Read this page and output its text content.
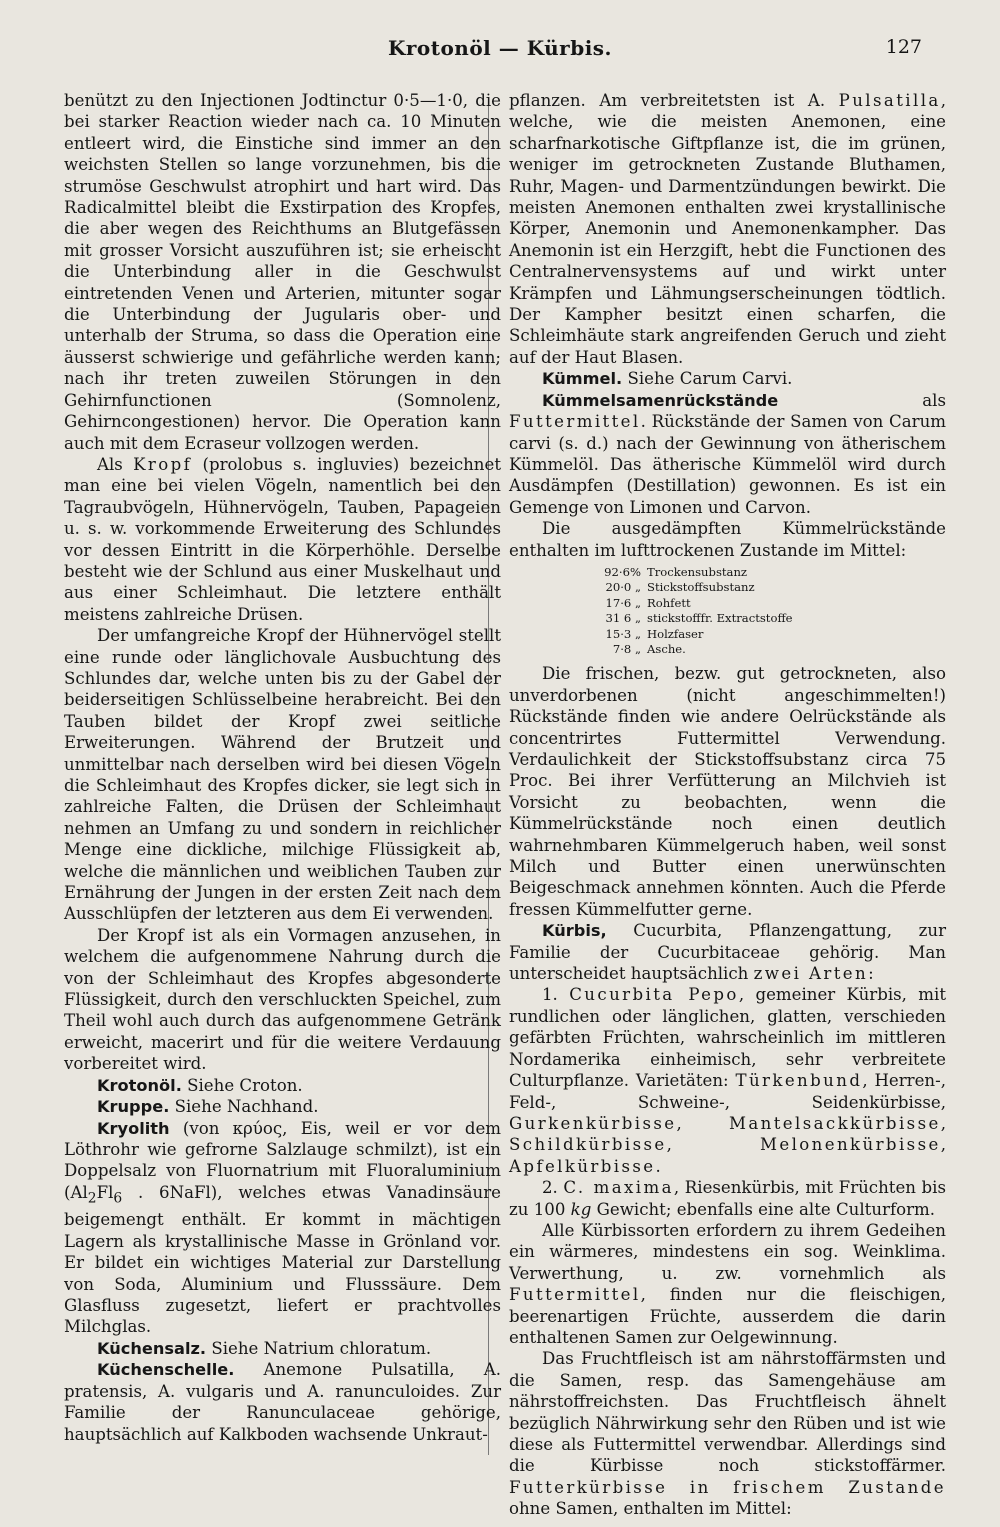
Krotonöl — Kürbis.	127

benützt zu den Injectionen Jodtinctur 0·5—1·0, die bei starker Reaction wieder nach ca. 10 Minuten entleert wird, die Einstiche sind immer an den weichsten Stellen so lange vorzunehmen, bis die strumöse Geschwulst atrophirt und hart wird. Das Radicalmittel bleibt die Exstirpation des Kropfes, die aber wegen des Reichthums an Blutgefässen mit grosser Vorsicht auszuführen ist; sie erheischt die Unterbindung aller in die Geschwulst eintretenden Venen und Arterien, mitunter sogar die Unterbindung der Jugularis ober- und unterhalb der Struma, so dass die Operation eine äusserst schwierige und gefährliche werden kann; nach ihr treten zuweilen Störungen in den Gehirnfunctionen (Somnolenz, Gehirncongestionen) hervor. Die Operation kann auch mit dem Ecraseur vollzogen werden.

Als Kropf (prolobus s. ingluvies) bezeichnet man eine bei vielen Vögeln, namentlich bei den Tagraubvögeln, Hühnervögeln, Tauben, Papageien u. s. w. vorkommende Erweiterung des Schlundes vor dessen Eintritt in die Körperhöhle. Derselbe besteht wie der Schlund aus einer Muskelhaut und aus einer Schleimhaut. Die letztere enthält meistens zahlreiche Drüsen.

Der umfangreiche Kropf der Hühnervögel stellt eine runde oder länglichovale Ausbuchtung des Schlundes dar, welche unten bis zu der Gabel der beiderseitigen Schlüsselbeine herabreicht. Bei den Tauben bildet der Kropf zwei seitliche Erweiterungen. Während der Brutzeit und unmittelbar nach derselben wird bei diesen Vögeln die Schleimhaut des Kropfes dicker, sie legt sich in zahlreiche Falten, die Drüsen der Schleimhaut nehmen an Umfang zu und sondern in reichlicher Menge eine dickliche, milchige Flüssigkeit ab, welche die männlichen und weiblichen Tauben zur Ernährung der Jungen in der ersten Zeit nach dem Ausschlüpfen der letzteren aus dem Ei verwenden.

Der Kropf ist als ein Vormagen anzusehen, in welchem die aufgenommene Nahrung durch die von der Schleimhaut des Kropfes abgesonderte Flüssigkeit, durch den verschluckten Speichel, zum Theil wohl auch durch das aufgenommene Getränk erweicht, macerirt und für die weitere Verdauung vorbereitet wird.

Krotonöl. Siehe Croton.

Kruppe. Siehe Nachhand.

Kryolith (von κρύος, Eis, weil er vor dem Löthrohr wie gefrorne Salzlauge schmilzt), ist ein Doppelsalz von Fluornatrium mit Fluoraluminium ($Al_2Fl_6$ . 6NaFl), welches etwas Vanadinsäure beigemengt enthält. Er kommt in mächtigen Lagern als krystallinische Masse in Grönland vor. Er bildet ein wichtiges Material zur Darstellung von Soda, Aluminium und Flusssäure. Dem Glasfluss zugesetzt, liefert er prachtvolles Milchglas.

Küchensalz. Siehe Natrium chloratum.

Küchenschelle. Anemone Pulsatilla, A. pratensis, A. vulgaris und A. ranunculoides. Zur Familie der Ranunculaceae gehörige, hauptsächlich auf Kalkboden wachsende Unkraut-

pflanzen. Am verbreitetsten ist A. Pulsatilla, welche, wie die meisten Anemonen, eine scharfnarkotische Giftpflanze ist, die im grünen, weniger im getrockneten Zustande Bluthamen, Ruhr, Magen- und Darmentzündungen bewirkt. Die meisten Anemonen enthalten zwei krystallinische Körper, Anemonin und Anemonenkampher. Das Anemonin ist ein Herzgift, hebt die Functionen des Centralnervensystems auf und wirkt unter Krämpfen und Lähmungserscheinungen tödtlich. Der Kampher besitzt einen scharfen, die Schleimhäute stark angreifenden Geruch und zieht auf der Haut Blasen.

Kümmel. Siehe Carum Carvi.

Kümmelsamenrückstände als Futtermittel. Rückstände der Samen von Carum carvi (s. d.) nach der Gewinnung von ätherischem Kümmelöl. Das ätherische Kümmelöl wird durch Ausdämpfen (Destillation) gewonnen. Es ist ein Gemenge von Limonen und Carvon.

Die ausgedämpften Kümmelrückstände enthalten im lufttrockenen Zustande im Mittel:

92·6% Trockensubstanz
20·0 „ Stickstoffsubstanz
17·6 „ Rohfett
31 6 „ stickstofffr. Extractstoffe
15·3 „ Holzfaser
7·8 „ Asche.

Die frischen, bezw. gut getrockneten, also unverdorbenen (nicht angeschimmelten!) Rückstände finden wie andere Oelrückstände als concentrirtes Futtermittel Verwendung. Verdaulichkeit der Stickstoffsubstanz circa 75 Proc. Bei ihrer Verfütterung an Milchvieh ist Vorsicht zu beobachten, wenn die Kümmelrückstände noch einen deutlich wahrnehmbaren Kümmelgeruch haben, weil sonst Milch und Butter einen unerwünschten Beigeschmack annehmen könnten. Auch die Pferde fressen Kümmelfutter gerne.

Kürbis, Cucurbita, Pflanzengattung, zur Familie der Cucurbitaceae gehörig. Man unterscheidet hauptsächlich zwei Arten:

1. Cucurbita Pepo, gemeiner Kürbis, mit rundlichen oder länglichen, glatten, verschieden gefärbten Früchten, wahrscheinlich im mittleren Nordamerika einheimisch, sehr verbreitete Culturpflanze. Varietäten: Türkenbund, Herren-, Feld-, Schweine-, Seidenkürbisse, Gurkenkürbisse, Mantelsackkürbisse, Schildkürbisse, Melonenkürbisse, Apfelkürbisse.

2. C. maxima, Riesenkürbis, mit Früchten bis zu 100 kg Gewicht; ebenfalls eine alte Culturform.

Alle Kürbissorten erfordern zu ihrem Gedeihen ein wärmeres, mindestens ein sog. Weinklima. Verwerthung, u. zw. vornehmlich als Futtermittel, finden nur die fleischigen, beerenartigen Früchte, ausserdem die darin enthaltenen Samen zur Oelgewinnung.

Das Fruchtfleisch ist am nährstoffärmsten und die Samen, resp. das Samengehäuse am nährstoffreichsten. Das Fruchtfleisch ähnelt bezüglich Nährwirkung sehr den Rüben und ist wie diese als Futtermittel verwendbar. Allerdings sind die Kürbisse noch stickstoffärmer. Futterkürbisse in frischem Zustande ohne Samen, enthalten im Mittel:
